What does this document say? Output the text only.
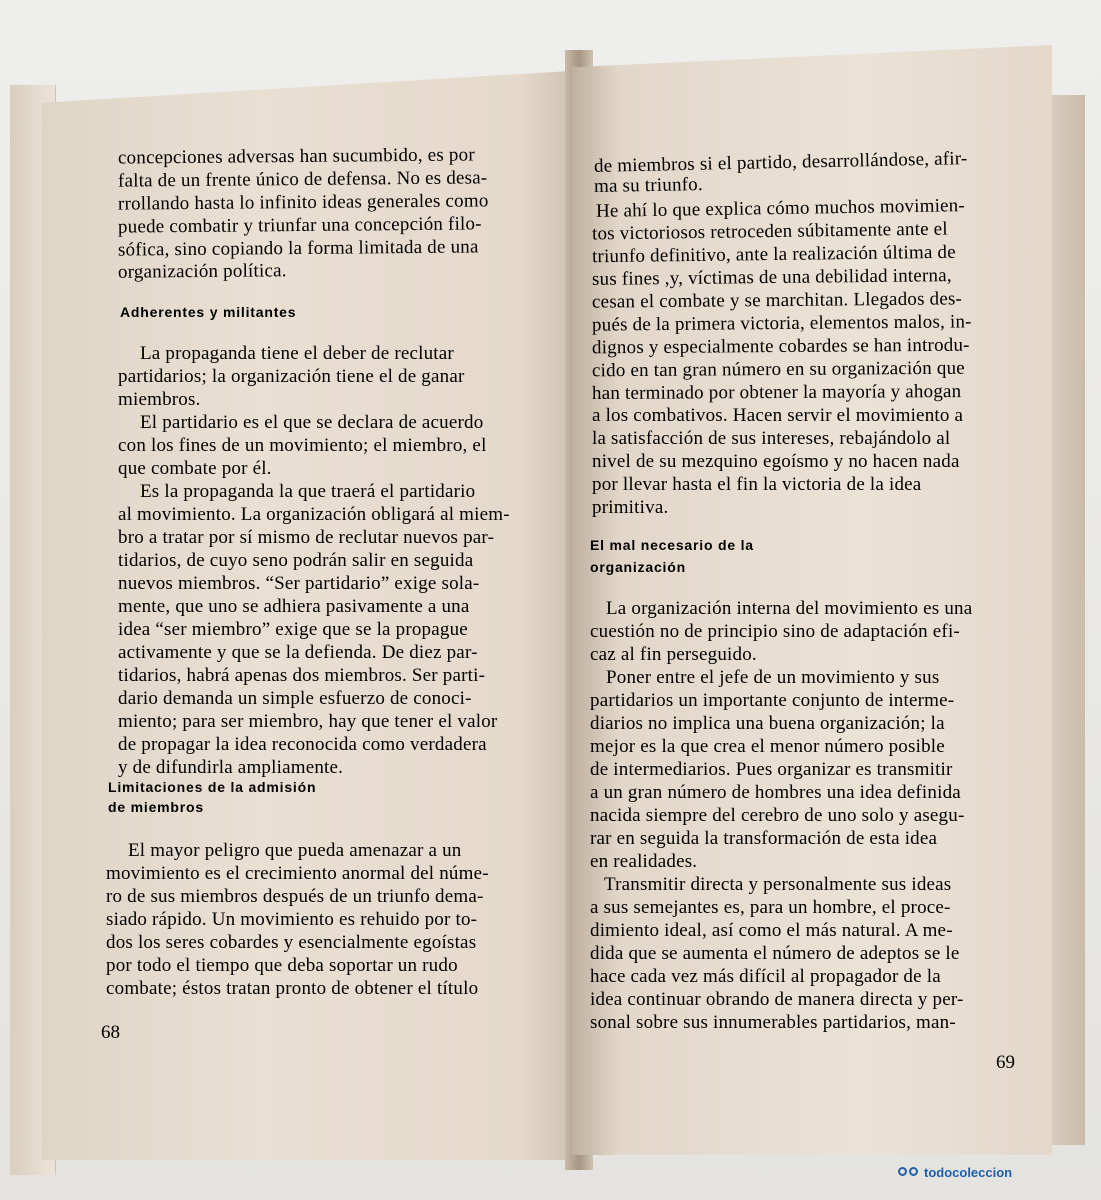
concepciones adversas han sucumbido, es por
falta de un frente único de defensa. No es desa-
rrollando hasta lo infinito ideas generales como
puede combatir y triunfar una concepción filo-
sófica, sino copiando la forma limitada de una
organización política.
Adherentes y militantes
La propaganda tiene el deber de reclutar
partidarios; la organización tiene el de ganar
miembros.
El partidario es el que se declara de acuerdo
con los fines de un movimiento; el miembro, el
que combate por él.
Es la propaganda la que traerá el partidario
al movimiento. La organización obligará al miem-
bro a tratar por sí mismo de reclutar nuevos par-
tidarios, de cuyo seno podrán salir en seguida
nuevos miembros. “Ser partidario” exige sola-
mente, que uno se adhiera pasivamente a una
idea “ser miembro” exige que se la propague
activamente y que se la defienda. De diez par-
tidarios, habrá apenas dos miembros. Ser parti-
dario demanda un simple esfuerzo de conoci-
miento; para ser miembro, hay que tener el valor
de propagar la idea reconocida como verdadera
y de difundirla ampliamente.
Limitaciones de la admisión
de miembros
El mayor peligro que pueda amenazar a un
movimiento es el crecimiento anormal del núme-
ro de sus miembros después de un triunfo dema-
siado rápido. Un movimiento es rehuido por to-
dos los seres cobardes y esencialmente egoístas
por todo el tiempo que deba soportar un rudo
combate; éstos tratan pronto de obtener el título
68
de miembros si el partido, desarrollándose, afir-
ma su triunfo.
He ahí lo que explica cómo muchos movimien-
tos victoriosos retroceden súbitamente ante el
triunfo definitivo, ante la realización última de
sus fines ,y, víctimas de una debilidad interna,
cesan el combate y se marchitan. Llegados des-
pués de la primera victoria, elementos malos, in-
dignos y especialmente cobardes se han introdu-
cido en tan gran número en su organización que
han terminado por obtener la mayoría y ahogan
a los combativos. Hacen servir el movimiento a
la satisfacción de sus intereses, rebajándolo al
nivel de su mezquino egoísmo y no hacen nada
por llevar hasta el fin la victoria de la idea
primitiva.
El mal necesario de la
organización
La organización interna del movimiento es una
cuestión no de principio sino de adaptación efi-
caz al fin perseguido.
Poner entre el jefe de un movimiento y sus
partidarios un importante conjunto de interme-
diarios no implica una buena organización; la
mejor es la que crea el menor número posible
de intermediarios. Pues organizar es transmitir
a un gran número de hombres una idea definida
nacida siempre del cerebro de uno solo y asegu-
rar en seguida la transformación de esta idea
en realidades.
Transmitir directa y personalmente sus ideas
a sus semejantes es, para un hombre, el proce-
dimiento ideal, así como el más natural. A me-
dida que se aumenta el número de adeptos se le
hace cada vez más difícil al propagador de la
idea continuar obrando de manera directa y per-
sonal sobre sus innumerables partidarios, man-
69
todocoleccion
